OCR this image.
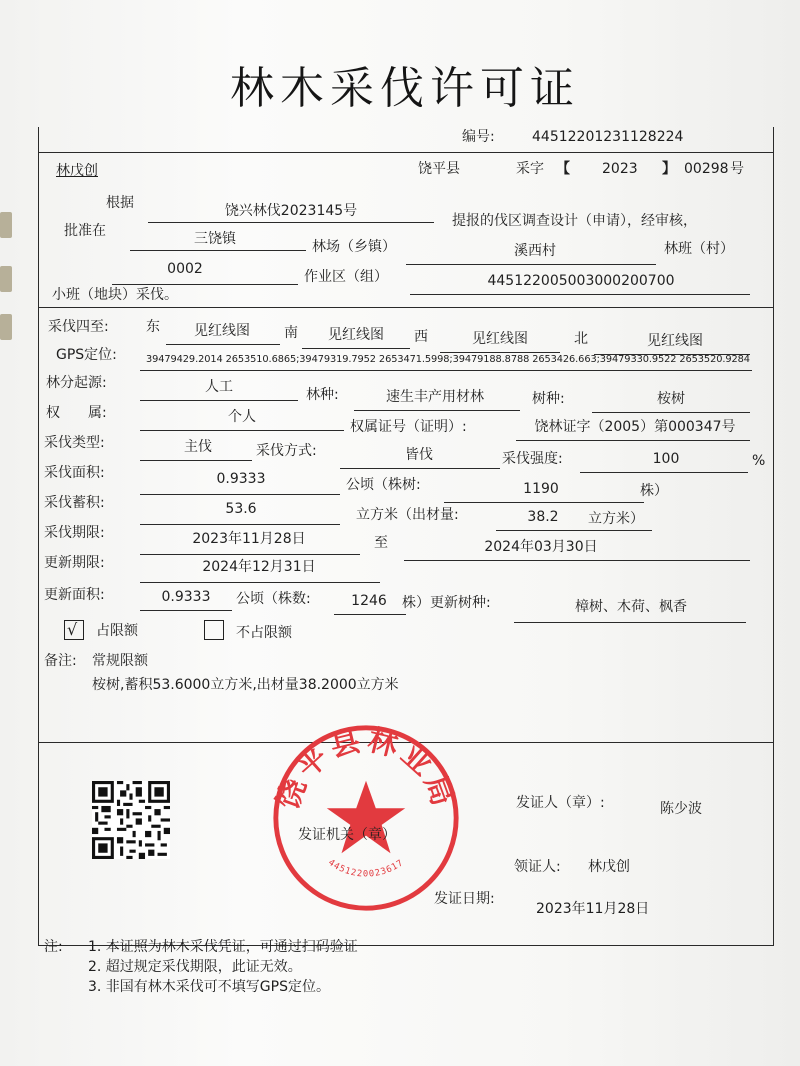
林木采伐许可证
编号:	44512201231128224
林戊创	饶平县	采字 【 2023 】 00298 号
根据	饶兴林伐2023145号
提报的伐区调查设计（申请），经审核，
批准在	三饶镇	林场（乡镇）	溪西村	林班（村）
0002	作业区（组）	445122005003000200700
小班（地块）采伐。
采伐四至:	东	见红线图	南	见红线图	西	见红线图	北	见红线图
GPS定位:	39479429.2014 2653510.6865;39479319.7952 2653471.5998;39479188.8788 2653426.663;39479330.9522 2653520.9284
林分起源:	人工	林种:	速生丰产用材林	树种:	桉树
权　　属:	个人
权属证号（证明）:	饶林证字（2005）第000347号
采伐类型:	主伐	采伐方式:	皆伐	采伐强度:	100	%
采伐面积:	0.9333	公顷（株树:	1190	株）
采伐蓄积:	53.6	立方米（出材量:	38.2	立方米）
采伐期限:	2023年11月28日	至	2024年03月30日
更新期限:	2024年12月31日
更新面积:	0.9333	公顷（株数:	1246	株）更新树种:	樟树、木荷、枫香
√ 占限额	不占限额
备注: 常规限额
桉树,蓄积53.6000立方米,出材量38.2000立方米
饶平县林业局
4451220023617
发证机关（章）
发证人（章）:	陈少波
领证人: 林戊创
发证日期:
2023年11月28日
注: 1. 本证照为林木采伐凭证，可通过扫码验证
2. 超过规定采伐期限，此证无效。
3. 非国有林木采伐可不填写GPS定位。
